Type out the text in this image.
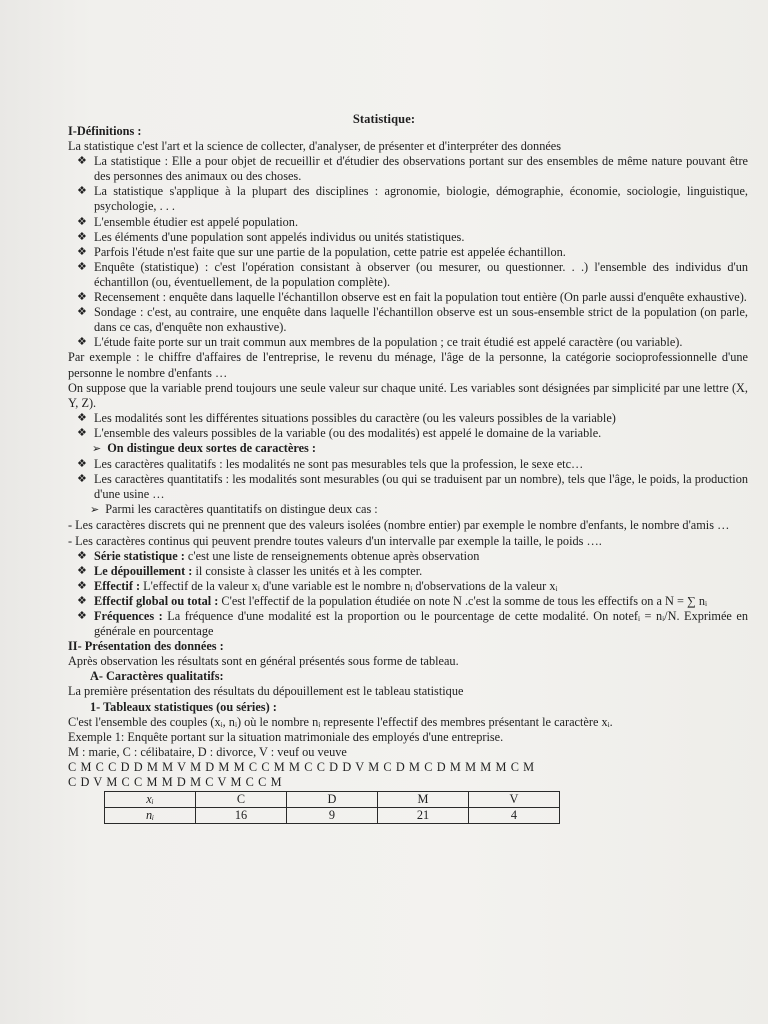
Statistique:

I-Définitions :

La statistique c'est l'art et la science de collecter, d'analyser, de présenter et d'interpréter des données

❖ La statistique : Elle a pour objet de recueillir et d'étudier des observations portant sur des ensembles de même nature pouvant être des personnes des animaux ou des choses.

❖ La statistique s'applique à la plupart des disciplines : agronomie, biologie, démographie, économie, sociologie, linguistique, psychologie, . . .

❖ L'ensemble étudier est appelé population.

❖ Les éléments d'une population sont appelés individus ou unités statistiques.

❖ Parfois l'étude n'est faite que sur une partie de la population, cette patrie est appelée échantillon.

❖ Enquête (statistique) : c'est l'opération consistant à observer (ou mesurer, ou questionner. . .) l'ensemble des individus d'un échantillon (ou, éventuellement, de la population complète).

❖ Recensement : enquête dans laquelle l'échantillon observe est en fait la population tout entière (On parle aussi d'enquête exhaustive).

❖ Sondage : c'est, au contraire, une enquête dans laquelle l'échantillon observe est un sous-ensemble strict de la population (on parle, dans ce cas, d'enquête non exhaustive).

❖ L'étude faite porte sur un trait commun aux membres de la population ; ce trait étudié est appelé caractère (ou variable).

Par exemple : le chiffre d'affaires de l'entreprise, le revenu du ménage, l'âge de la personne, la catégorie socioprofessionnelle d'une personne le nombre d'enfants …

On suppose que la variable prend toujours une seule valeur sur chaque unité. Les variables sont désignées par simplicité par une lettre (X, Y, Z).

❖ Les modalités sont les différentes situations possibles du caractère (ou les valeurs possibles de la variable)

❖ L'ensemble des valeurs possibles de la variable (ou des modalités) est appelé le domaine de la variable.

➢ On distingue deux sortes de caractères :

❖ Les caractères qualitatifs : les modalités ne sont pas mesurables tels que la profession, le sexe etc…

❖ Les caractères quantitatifs : les modalités sont mesurables (ou qui se traduisent par un nombre), tels que l'âge, le poids, la production d'une usine …

➢ Parmi les caractères quantitatifs on distingue deux cas :

- Les caractères discrets qui ne prennent que des valeurs isolées (nombre entier) par exemple le nombre d'enfants, le nombre d'amis …

- Les caractères continus qui peuvent prendre toutes valeurs d'un intervalle par exemple la taille, le poids ….

❖ Série statistique : c'est une liste de renseignements obtenue après observation

❖ Le dépouillement : il consiste à classer les unités et à les compter.

❖ Effectif : L'effectif de la valeur xᵢ d'une variable est le nombre nᵢ d'observations de la valeur xᵢ

❖ Effectif global ou total : C'est l'effectif de la population étudiée on note N .c'est la somme de tous les effectifs on a N = ∑ nᵢ

❖ Fréquences : La fréquence d'une modalité est la proportion ou le pourcentage de cette modalité. On notefᵢ = nᵢ/N. Exprimée en générale en pourcentage

II- Présentation des données :

Après observation les résultats sont en général présentés sous forme de tableau.

A- Caractères qualitatifs:

La première présentation des résultats du dépouillement est le tableau statistique

1- Tableaux statistiques (ou séries) :

C'est l'ensemble des couples (xᵢ, nᵢ) où le nombre nᵢ represente l'effectif des membres présentant le caractère xᵢ.

Exemple 1: Enquête portant sur la situation matrimoniale des employés d'une entreprise.

M : marie, C : célibataire, D : divorce, V : veuf ou veuve

C M C C D D M M V M D M M C C M M C C D D V M C D M C D M M M M C M

C D V M C C M M D M C V M C C M

xᵢ	C	D	M	V
nᵢ	16	9	21	4
